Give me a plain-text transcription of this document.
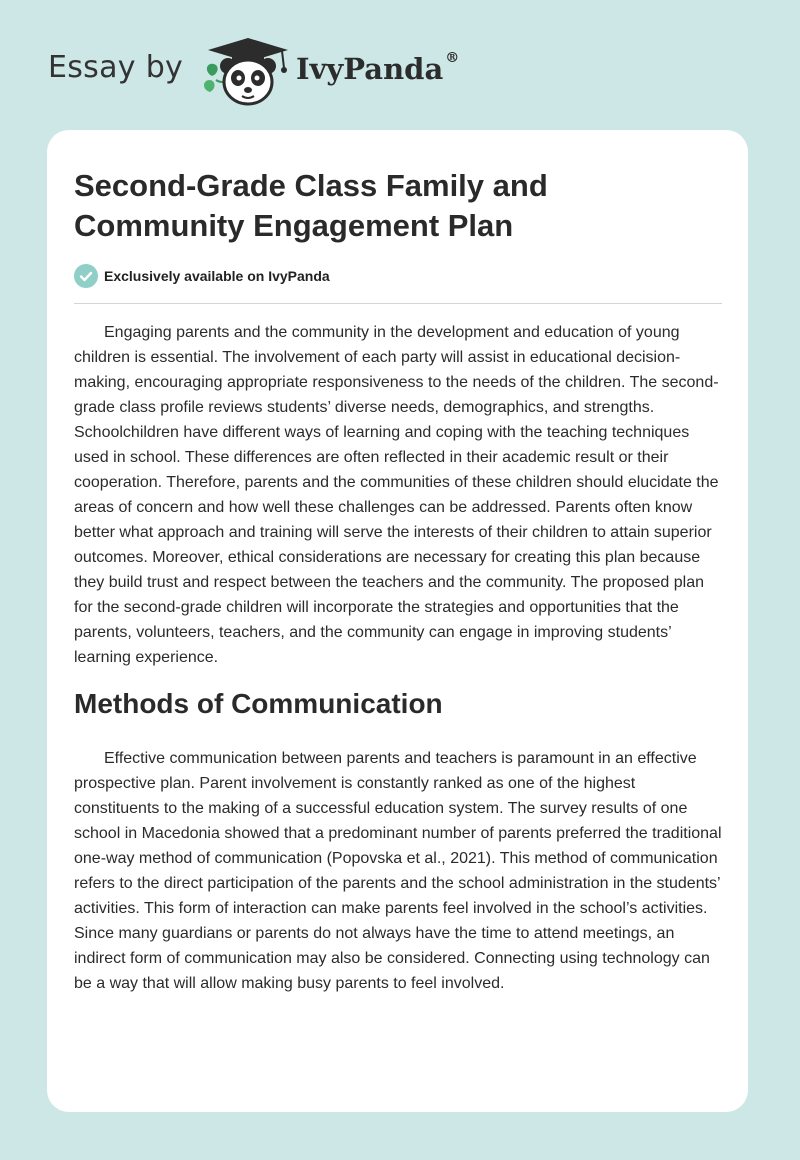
Essay by	IvyPanda ®
Second-Grade Class Family and Community Engagement Plan
Exclusively available on IvyPanda

Engaging parents and the community in the development and education of young children is essential. The involvement of each party will assist in educational decision-making, encouraging appropriate responsiveness to the needs of the children. The second-grade class profile reviews students’ diverse needs, demographics, and strengths. Schoolchildren have different ways of learning and coping with the teaching techniques used in school. These differences are often reflected in their academic result or their cooperation. Therefore, parents and the communities of these children should elucidate the areas of concern and how well these challenges can be addressed. Parents often know better what approach and training will serve the interests of their children to attain superior outcomes. Moreover, ethical considerations are necessary for creating this plan because they build trust and respect between the teachers and the community. The proposed plan for the second-grade children will incorporate the strategies and opportunities that the parents, volunteers, teachers, and the community can engage in improving students’ learning experience.

Methods of Communication

Effective communication between parents and teachers is paramount in an effective prospective plan. Parent involvement is constantly ranked as one of the highest constituents to the making of a successful education system. The survey results of one school in Macedonia showed that a predominant number of parents preferred the traditional one-way method of communication (Popovska et al., 2021). This method of communication refers to the direct participation of the parents and the school administration in the students’ activities. This form of interaction can make parents feel involved in the school’s activities. Since many guardians or parents do not always have the time to attend meetings, an indirect form of communication may also be considered. Connecting using technology can be a way that will allow making busy parents to feel involved.
